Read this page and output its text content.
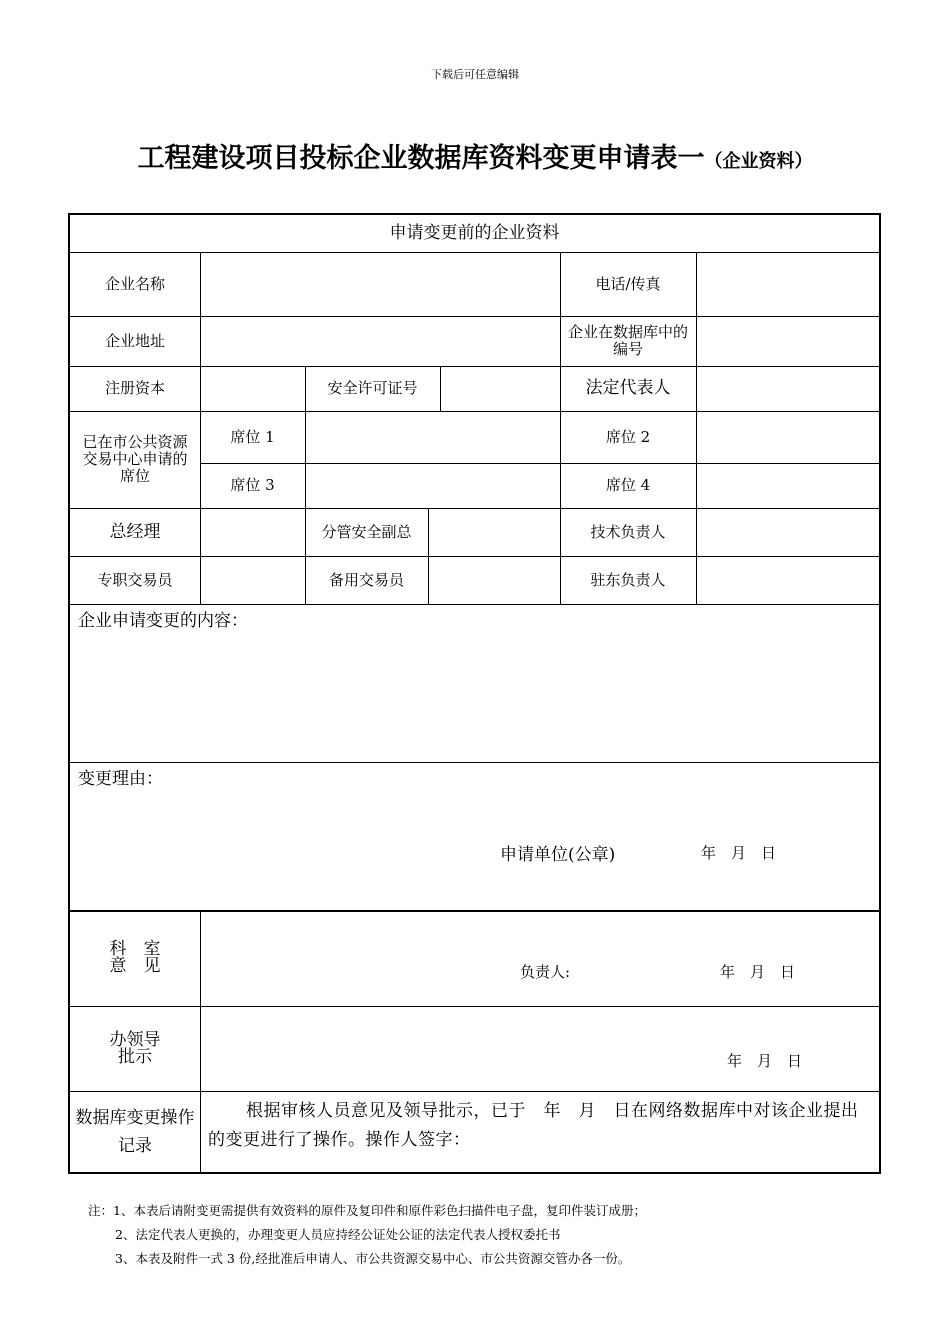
下载后可任意编辑
工程建设项目投标企业数据库资料变更申请表一（企业资料）
申请变更前的企业资料
企业名称	电话/传真
企业地址	企业在数据库中的编号
注册资本	安全许可证号	法定代表人
已在市公共资源交易中心申请的席位
席位 1	席位 2
席位 3	席位 4
总经理	分管安全副总	技术负责人
专职交易员	备用交易员	驻东负责人
企业申请变更的内容：
变更理由：
申请单位(公章)	年　月　日
科　室
意　见	负责人:	年　月　日
办领导
批示	年　月　日
数据库变更操作记录
根据审核人员意见及领导批示，已于　年　月　日在网络数据库中对该企业提出的变更进行了操作。操作人签字：
注：1、本表后请附变更需提供有效资料的原件及复印件和原件彩色扫描件电子盘，复印件装订成册；
2、法定代表人更换的，办理变更人员应持经公证处公证的法定代表人授权委托书
3、本表及附件一式 3 份,经批准后申请人、市公共资源交易中心、市公共资源交管办各一份。
